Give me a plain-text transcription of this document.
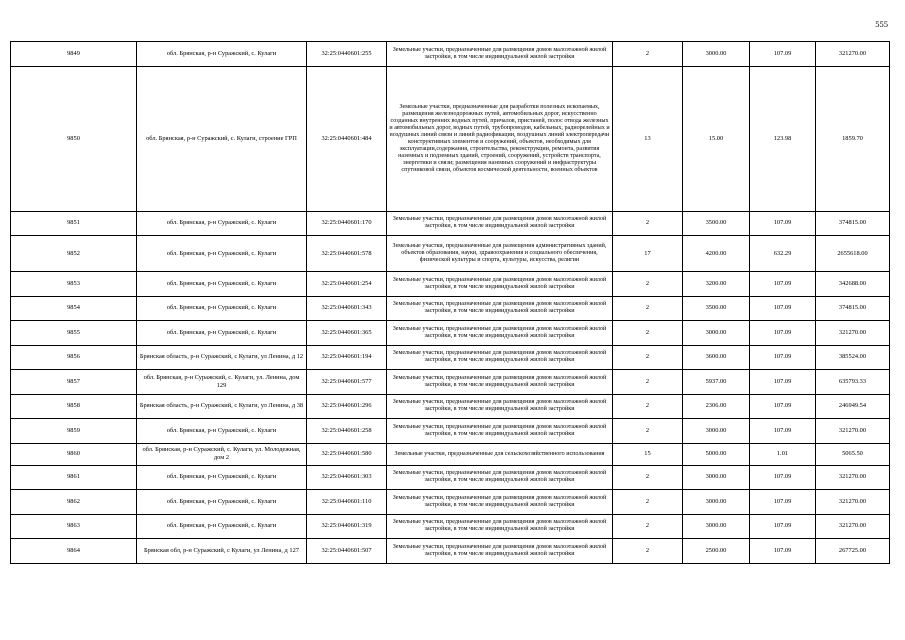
555
9849	обл. Брянская, р-н Суражский, с. Кулаги	32:25:0440601:255	Земельные участки, предназначенные для размещения домов малоэтажной жилой застройки, в том числе индивидуальной жилой застройки	2	3000.00	107.09	321270.00
9850	обл. Брянская, р-н Суражский, с. Кулаги, строение ГРП	32:25:0440601:484	Земельные участки, предназначенные для разработки полезных ископаемых, размещения железнодорожных путей, автомобильных дорог, искусственно созданных внутренних водных путей, причалов, пристаней, полос отвода железных и автомобильных дорог, водных путей, трубопроводов, кабельных, радиорелейных и воздушных линий связи и линий радиофикации, воздушных линий электропередачи конструктивных элементов и сооружений, объектов, необходимых для эксплуатации,содержания, строительства, реконструкции, ремонта, развития наземных и подземных зданий, строений, сооружений, устройств транспорта, энергетики и связи; размещения наземных сооружений и инфраструктуры спутниковой связи, объектов космической деятельности, военных объектов	13	15.00	123.98	1859.70
9851	обл. Брянская, р-н Суражский, с. Кулаги	32:25:0440601:170	Земельные участки, предназначенные для размещения домов малоэтажной жилой застройки, в том числе индивидуальной жилой застройки	2	3500.00	107.09	374815.00
9852	обл. Брянская, р-н Суражский, с. Кулаги	32:25:0440601:578	Земельные участки, предназначенные для размещения административных зданий, объектов образования, науки, здравоохранения и социального обеспечения, физической культуры и спорта, культуры, искусства, религии	17	4200.00	632.29	2655618.00
9853	обл. Брянская, р-н Суражский, с. Кулаги	32:25:0440601:254	Земельные участки, предназначенные для размещения домов малоэтажной жилой застройки, в том числе индивидуальной жилой застройки	2	3200.00	107.09	342688.00
9854	обл. Брянская, р-н Суражский, с. Кулаги	32:25:0440601:343	Земельные участки, предназначенные для размещения домов малоэтажной жилой застройки, в том числе индивидуальной жилой застройки	2	3500.00	107.09	374815.00
9855	обл. Брянская, р-н Суражский, с. Кулаги	32:25:0440601:365	Земельные участки, предназначенные для размещения домов малоэтажной жилой застройки, в том числе индивидуальной жилой застройки	2	3000.00	107.09	321270.00
9856	Брянская область, р-н Суражский, с Кулаги, ул Ленина, д 12	32:25:0440601:194	Земельные участки, предназначенные для размещения домов малоэтажной жилой застройки, в том числе индивидуальной жилой застройки	2	3600.00	107.09	385524.00
9857	обл. Брянская, р-н Суражский, с. Кулаги, ул. Ленина, дом 129	32:25:0440601:577	Земельные участки, предназначенные для размещения домов малоэтажной жилой застройки, в том числе индивидуальной жилой застройки	2	5937.00	107.09	635793.33
9858	Брянская область, р-н Суражский, с Кулаги, ул Ленина, д 38	32:25:0440601:296	Земельные участки, предназначенные для размещения домов малоэтажной жилой застройки, в том числе индивидуальной жилой застройки	2	2306.00	107.09	246949.54
9859	обл. Брянская, р-н Суражский, с. Кулаги	32:25:0440601:258	Земельные участки, предназначенные для размещения домов малоэтажной жилой застройки, в том числе индивидуальной жилой застройки	2	3000.00	107.09	321270.00
9860	обл. Брянская, р-н Суражский, с. Кулаги, ул. Молодежная, дом 2	32:25:0440601:580	Земельные участки, предназначенные для сельскохозяйственного использования	15	5000.00	1.01	5065.50
9861	обл. Брянская, р-н Суражский, с. Кулаги	32:25:0440601:303	Земельные участки, предназначенные для размещения домов малоэтажной жилой застройки, в том числе индивидуальной жилой застройки	2	3000.00	107.09	321270.00
9862	обл. Брянская, р-н Суражский, с. Кулаги	32:25:0440601:110	Земельные участки, предназначенные для размещения домов малоэтажной жилой застройки, в том числе индивидуальной жилой застройки	2	3000.00	107.09	321270.00
9863	обл. Брянская, р-н Суражский, с. Кулаги	32:25:0440601:319	Земельные участки, предназначенные для размещения домов малоэтажной жилой застройки, в том числе индивидуальной жилой застройки	2	3000.00	107.09	321270.00
9864	Брянская обл, р-н Суражский, с Кулаги, ул Ленина, д 127	32:25:0440601:507	Земельные участки, предназначенные для размещения домов малоэтажной жилой застройки, в том числе индивидуальной жилой застройки	2	2500.00	107.09	267725.00
